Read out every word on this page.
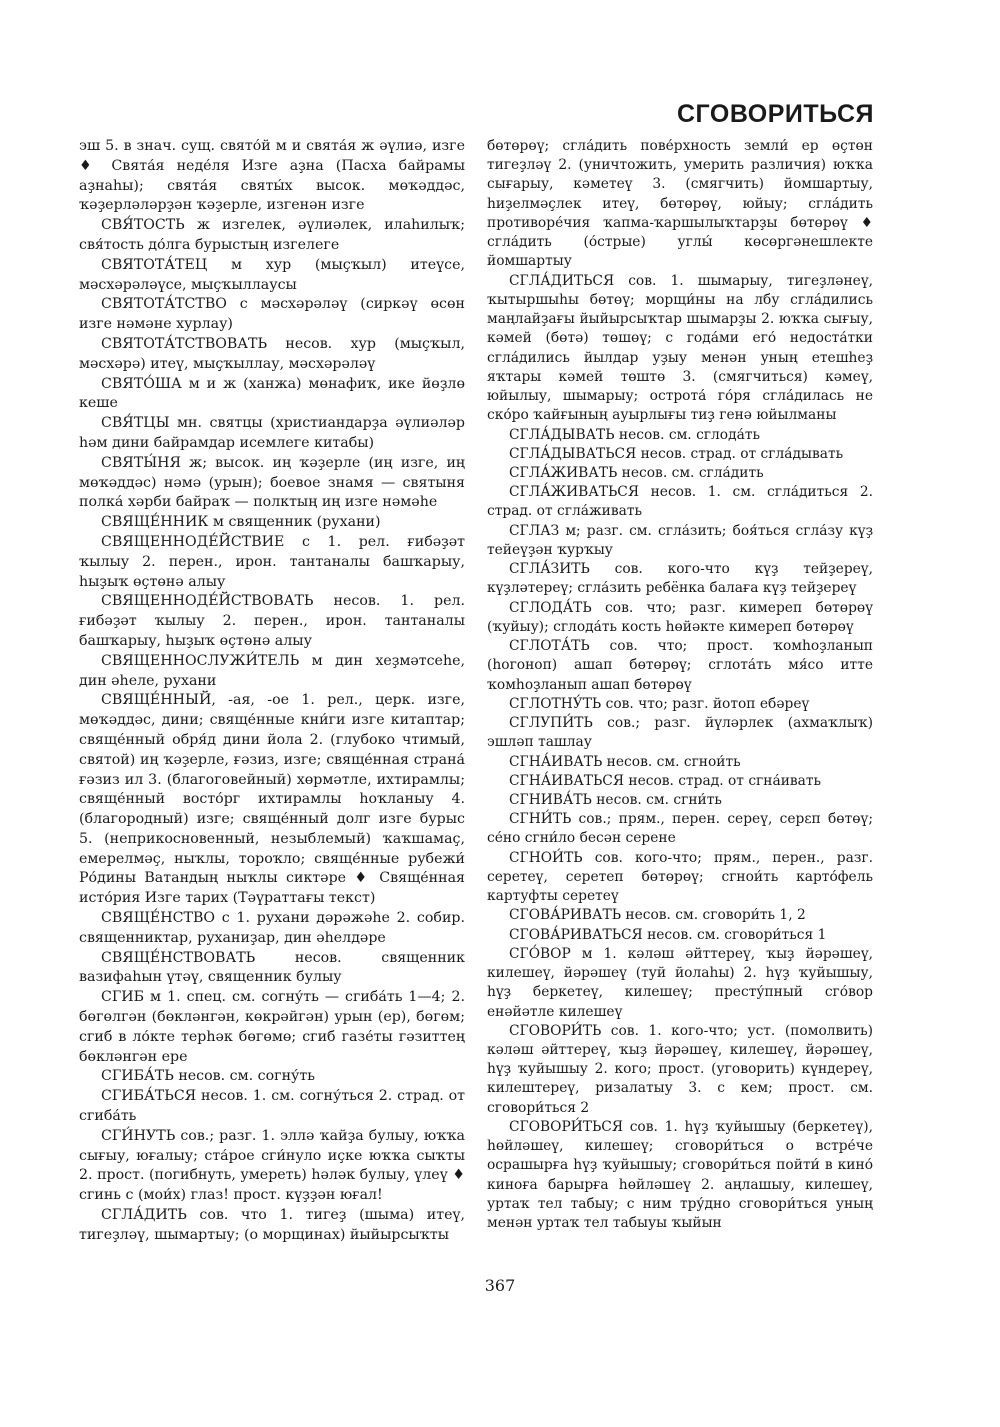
СГОВОРИТЬСЯ

эш 5. в знач. сущ. свято́й м и свята́я ж әүлиә, изге ♦ Свята́я неде́ля Изге аҙна (Пасха байрамы аҙнаһы); свята́я святы́х высок. мөҡәддәс, ҡәҙерләләрҙән ҡәҙерле, изгенән изге

СВЯ́ТОСТЬ ж изгелек, әүлиәлек, илаһилыҡ; свя́тость до́лга бурыстың изгелеге

СВЯТОТА́ТЕЦ м хур (мыҫҡыл) итеүсе, мәсхәрәләүсе, мыҫҡыллаусы

СВЯТОТА́ТСТВО с мәсхәрәләү (сиркәү өсөн изге нәмәне хурлау)

СВЯТОТА́ТСТВОВАТЬ несов. хур (мыҫҡыл, мәсхәрә) итеү, мыҫҡыллау, мәсхәрәләү

СВЯТО́ША м и ж (ханжа) мөнафиҡ, ике йөҙлө кеше

СВЯ́ТЦЫ мн. святцы (христиандарҙа әүлиәләр һәм дини байрамдар исемлеге китабы)

СВЯТЫ́НЯ ж; высок. иң ҡәҙерле (иң изге, иң мөҡәддәс) нәмә (урын); боевое знамя — святыня полка́ хәрби байраҡ — полктың иң изге нәмәһе

СВЯЩЕ́ННИК м священник (рухани)

СВЯЩЕННОДЕ́ЙСТВИЕ с 1. рел. ғибәҙәт ҡылыу 2. перен., ирон. тантаналы башҡарыу, һыҙыҡ өҫтөнә алыу

СВЯЩЕННОДЕ́ЙСТВОВАТЬ несов. 1. рел. ғибәҙәт ҡылыу 2. перен., ирон. тантаналы башҡарыу, һыҙыҡ өҫтөнә алыу

СВЯЩЕННОСЛУЖИ́ТЕЛЬ м дин хеҙмәтсеһе, дин әһеле, рухани

СВЯЩЕ́ННЫЙ, -ая, -ое 1. рел., церк. изге, мөҡәддәс, дини; свяще́нные кни́ги изге китаптар; свяще́нный обря́д дини йола 2. (глубоко чтимый, святой) иң ҡәҙерле, ғәзиз, изге; свяще́нная страна́ ғәзиз ил 3. (благоговейный) хөрмәтле, ихтирамлы; свяще́нный восто́рг ихтирамлы һоҡланыу 4. (благородный) изге; свяще́нный долг изге бурыс 5. (неприкосновенный, незыблемый) ҡаҡшамаҫ, емерелмәҫ, ныҡлы, тороҡло; свяще́нные рубежи́ Ро́дины Ватандың ныҡлы сиктәре ♦ Свяще́нная исто́рия Изге тарих (Тәүраттағы текст)

СВЯЩЕ́НСТВО с 1. рухани дәрәжәһе 2. собир. священниктар, руханиҙар, дин әһелдәре

СВЯЩЕ́НСТВОВАТЬ несов. священник вазифаһын үтәү, священник булыу

СГИБ м 1. спец. см. согну́ть — сгиба́ть 1—4; 2. бөгөлгән (бөкләнгән, көкрәйгән) урын (ер), бөгөм; сгиб в ло́кте терһәк бөгөмө; сгиб газе́ты гәзиттең бөкләнгән ере

СГИБА́ТЬ несов. см. согну́ть

СГИБА́ТЬСЯ несов. 1. см. согну́ться 2. страд. от сгиба́ть

СГИ́НУТЬ сов.; разг. 1. эллә ҡайҙа булыу, юҡҡа сығыу, юғалыу; ста́рое сги́нуло иҫке юҡҡа сыҡты 2. прост. (погибнуть, умереть) һәләк булыу, үлеү ♦ сгинь с (мои́х) глаз! прост. күҙҙән юғал!

СГЛА́ДИТЬ сов. что 1. тигеҙ (шыма) итеү, тигеҙләү, шымартыу; (о морщинах) йыйырсыҡты

бөтөрөү; сгла́дить пове́рхность земли́ ер өҫтөн тигеҙләү 2. (уничтожить, умерить различия) юҡҡа сығарыу, кәметеү 3. (смягчить) йомшартыу, һиҙелмәҫлек итеү, бөтөрөү, юйыу; сгла́дить противоре́чия ҡапма-ҡаршылыҡтарҙы бөтөрөү ♦ сгла́дить (о́стрые) углы́ көсөргәнешлекте йомшартыу

СГЛА́ДИТЬСЯ сов. 1. шымарыу, тигеҙләнеү, ҡытыршыһы бөтөү; морщи́ны на лбу сгла́дились маңлайҙағы йыйырсыҡтар шымарҙы 2. юҡҡа сығыу, кәмей (бөтә) төшөү; с года́ми его́ недоста́тки сгла́дились йылдар уҙыу менән уның етешһеҙ яҡтары кәмей төштө 3. (смягчиться) кәмеү, юйылыу, шымарыу; острота́ го́ря сгла́дилась не ско́ро ҡайғының ауырлығы тиҙ генә юйылманы

СГЛА́ДЫВАТЬ несов. см. сглода́ть

СГЛА́ДЫВАТЬСЯ несов. страд. от сгла́дывать

СГЛА́ЖИВАТЬ несов. см. сгла́дить

СГЛА́ЖИВАТЬСЯ несов. 1. см. сгла́диться 2. страд. от сгла́живать

СГЛАЗ м; разг. см. сгла́зить; боя́ться сгла́зу күҙ тейеүҙән ҡурҡыу

СГЛА́ЗИТЬ сов. кого-что күҙ тейҙереү, күҙләтереү; сгла́зить ребёнка балаға күҙ тейҙереү

СГЛОДА́ТЬ сов. что; разг. кимереп бөтөрөү (ҡуйыу); сглода́ть кость һөйәкте кимереп бөтөрөү

СГЛОТА́ТЬ сов. что; прост. ҡомһоҙланып (һогоноп) ашап бөтөрөү; сглота́ть мя́со итте ҡомһоҙланып ашап бөтөрөү

СГЛОТНУ́ТЬ сов. что; разг. йотоп ебәреү

СГЛУПИ́ТЬ сов.; разг. йүләрлек (ахмаҡлыҡ) эшләп ташлау

СГНА́ИВАТЬ несов. см. сгнои́ть

СГНА́ИВАТЬСЯ несов. страд. от сгна́ивать

СГНИВА́ТЬ несов. см. сгни́ть

СГНИ́ТЬ сов.; прям., перен. сереү, серεп бөтөү; се́но сгни́ло бесән серене

СГНОИ́ТЬ сов. кого-что; прям., перен., разг. серетеү, серетеп бөтөрөү; сгнои́ть карто́фель картуфты серетеү

СГОВА́РИВАТЬ несов. см. сговори́ть 1, 2

СГОВА́РИВАТЬСЯ несов. см. сговори́ться 1

СГО́ВОР м 1. кәләш әйттереү, ҡыҙ йәрәшеү, килешеү, йәрәшеү (туй йолаһы) 2. һүҙ ҡуйышыу, һүҙ беркетеү, килешеү; престу́пный сго́вор енәйәтле килешеү

СГОВОРИ́ТЬ сов. 1. кого-что; уст. (помолвить) кәләш әйттереү, ҡыҙ йәрәшеү, килешеү, йәрәшеү, һүҙ ҡуйышыу 2. кого; прост. (уговорить) күндереү, килештереү, ризалатыу 3. с кем; прост. см. сговори́ться 2

СГОВОРИ́ТЬСЯ сов. 1. һүҙ ҡуйышыу (беркетеү), һөйләшеү, килешеү; сговори́ться о встре́че осрашырға һүҙ ҡуйышыу; сговори́ться пойти́ в кино́ киноға барырға һөйләшеү 2. аңлашыу, килешеү, уртаҡ тел табыу; с ним тру́дно сговори́ться уның менән уртаҡ тел табыуы ҡыйын

367
